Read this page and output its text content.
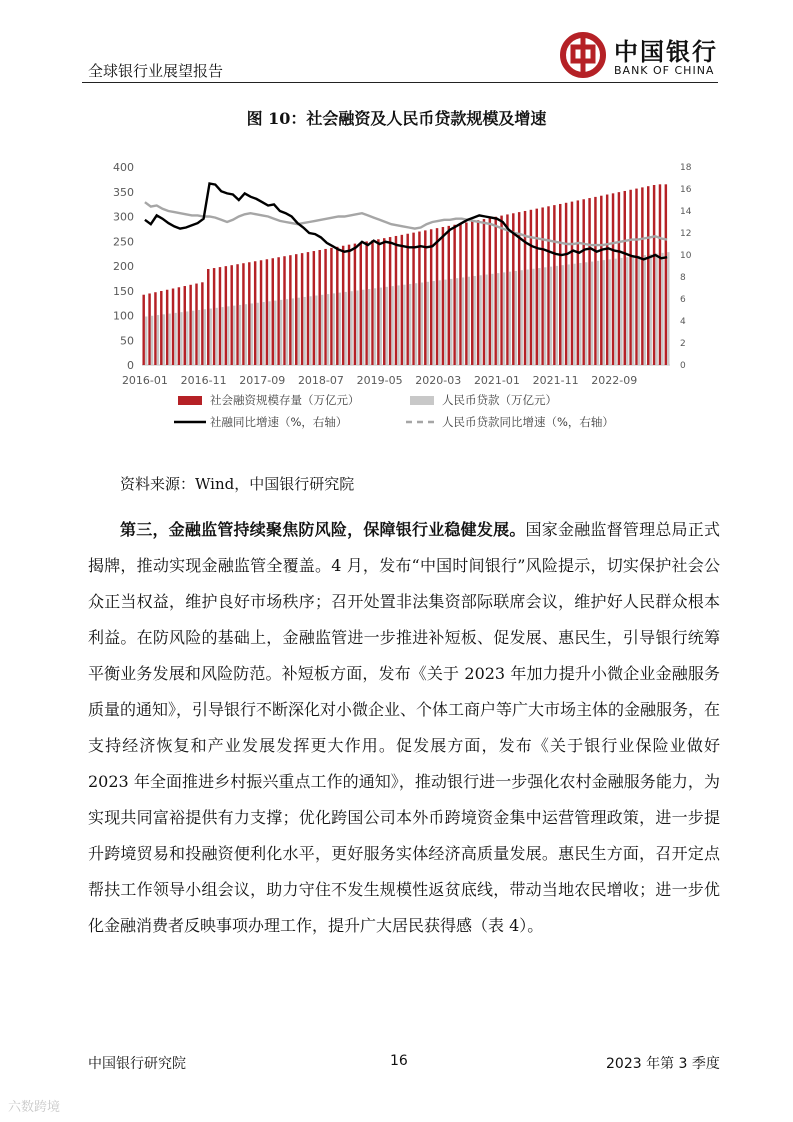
全球银行业展望报告
中国银行
BANK OF CHINA
图 10：社会融资及人民币贷款规模及增速
0
50
100
150
200
250
300
350
400
0
2
4
6
8
10
12
14
16
18
2016-01 2016-11 2017-09 2018-07 2019-05 2020-03 2021-01 2021-11 2022-09
社会融资规模存量（万亿元）	人民币贷款（万亿元）
社融同比增速（%，右轴）	人民币贷款同比增速（%，右轴）
资料来源：Wind，中国银行研究院

第三，金融监管持续聚焦防风险，保障银行业稳健发展。国家金融监督管理总局正式揭牌，推动实现金融监管全覆盖。4 月，发布“中国时间银行”风险提示，切实保护社会公众正当权益，维护良好市场秩序；召开处置非法集资部际联席会议，维护好人民群众根本利益。在防风险的基础上，金融监管进一步推进补短板、促发展、惠民生，引导银行统筹平衡业务发展和风险防范。补短板方面，发布《关于 2023 年加力提升小微企业金融服务质量的通知》，引导银行不断深化对小微企业、个体工商户等广大市场主体的金融服务，在支持经济恢复和产业发展发挥更大作用。促发展方面，发布《关于银行业保险业做好 2023 年全面推进乡村振兴重点工作的通知》，推动银行进一步强化农村金融服务能力，为实现共同富裕提供有力支撑；优化跨国公司本外币跨境资金集中运营管理政策，进一步提升跨境贸易和投融资便利化水平，更好服务实体经济高质量发展。惠民生方面，召开定点帮扶工作领导小组会议，助力守住不发生规模性返贫底线，带动当地农民增收；进一步优化金融消费者反映事项办理工作，提升广大居民获得感（表 4）。

中国银行研究院	16	2023 年第 3 季度
六数跨境
